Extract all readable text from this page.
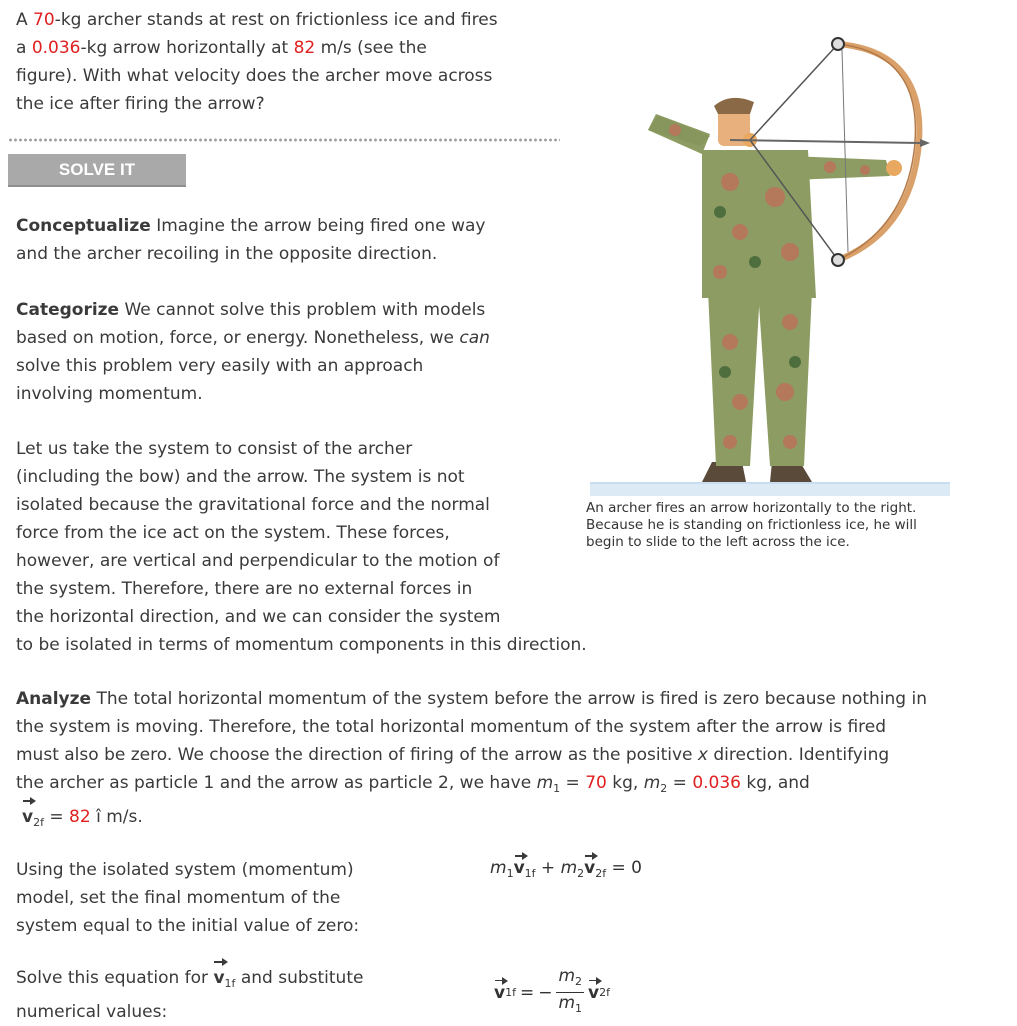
A 70-kg archer stands at rest on frictionless ice and fires

a 0.036-kg arrow horizontally at 82 m/s (see the

figure). With what velocity does the archer move across

the ice after firing the arrow?

SOLVE IT

Conceptualize Imagine the arrow being fired one way

and the archer recoiling in the opposite direction.

Categorize We cannot solve this problem with models

based on motion, force, or energy. Nonetheless, we can

solve this problem very easily with an approach

involving momentum.

Let us take the system to consist of the archer

(including the bow) and the arrow. The system is not

isolated because the gravitational force and the normal

force from the ice act on the system. These forces,

however, are vertical and perpendicular to the motion of

the system. Therefore, there are no external forces in

the horizontal direction, and we can consider the system

to be isolated in terms of momentum components in this direction.

An archer fires an arrow horizontally to the right. Because he is standing on frictionless ice, he will begin to slide to the left across the ice.

Analyze The total horizontal momentum of the system before the arrow is fired is zero because nothing in

the system is moving. Therefore, the total horizontal momentum of the system after the arrow is fired

must also be zero. We choose the direction of firing of the arrow as the positive x direction. Identifying

the archer as particle 1 and the arrow as particle 2, we have $m_1 = 70$ kg, $m_2 = 0.036$ kg, and

$v_{2f} = 82$ î m/s.

Using the isolated system (momentum)

model, set the final momentum of the

system equal to the initial value of zero:

$m_1v_{1f} + m_2v_{2f} = 0$

Solve this equation for $v_{1f}$ and substitute

numerical values:

v 1f = − $\frac{m_2}{m_1}$ v 2f
